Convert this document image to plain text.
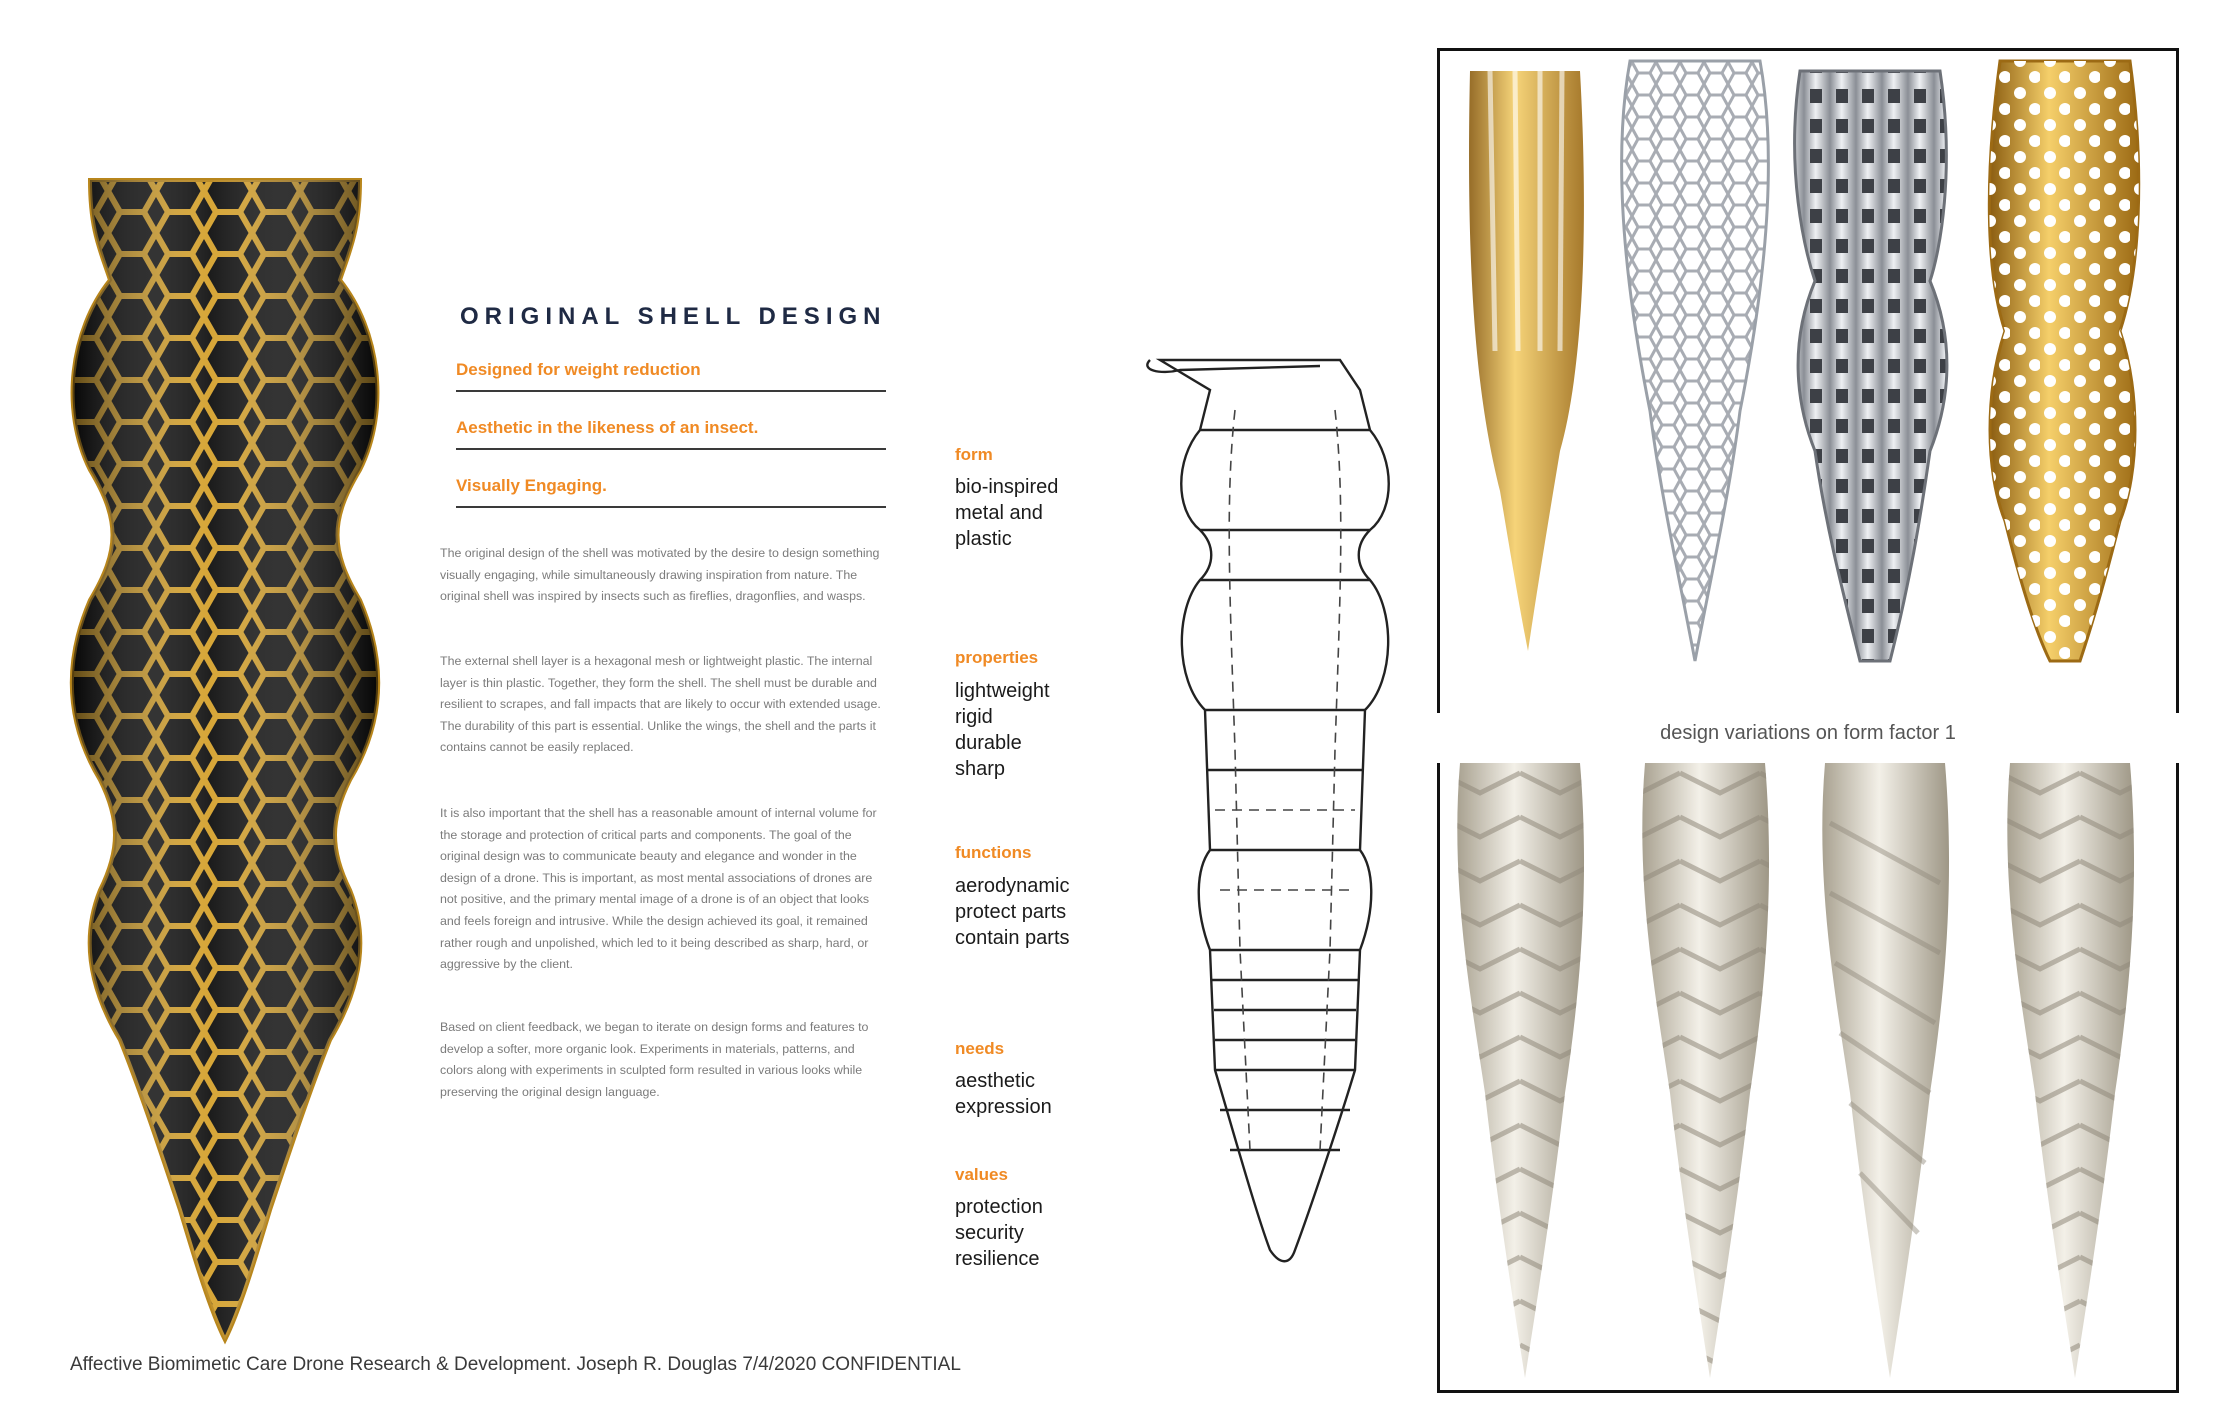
ORIGINAL SHELL DESIGN
Designed for weight reduction
Aesthetic in the likeness of an insect.
Visually Engaging.
The original design of the shell was motivated by the desire to design something visually engaging, while simultaneously drawing inspiration from nature. The original shell was inspired by insects such as fireflies, dragonflies, and wasps.
The external shell layer is a hexagonal mesh or lightweight plastic. The internal layer is thin plastic. Together, they form the shell. The shell must be durable and resilient to scrapes, and fall impacts that are likely to occur with extended usage. The durability of this part is essential. Unlike the wings, the shell and the parts it contains cannot be easily replaced.
It is also important that the shell has a reasonable amount of internal volume for the storage and protection of critical parts and components. The goal of the original design was to communicate beauty and elegance and wonder in the design of a drone. This is important, as most mental associations of drones are not positive, and the primary mental image of a drone is of an object that looks and feels foreign and intrusive. While the design achieved its goal, it remained rather rough and unpolished, which led to it being described as sharp, hard, or aggressive by the client.
Based on client feedback, we began to iterate on design forms and features to develop a softer, more organic look. Experiments in materials, patterns, and colors along with experiments in sculpted form resulted in various looks while preserving the original design language.
form
bio-inspired
metal and
plastic
properties
lightweight
rigid
durable
sharp
functions
aerodynamic
protect parts
contain parts
needs
aesthetic
expression
values
protection
security
resilience
design variations on form factor 1
Affective Biomimetic Care Drone Research & Development. Joseph R. Douglas 7/4/2020 CONFIDENTIAL
